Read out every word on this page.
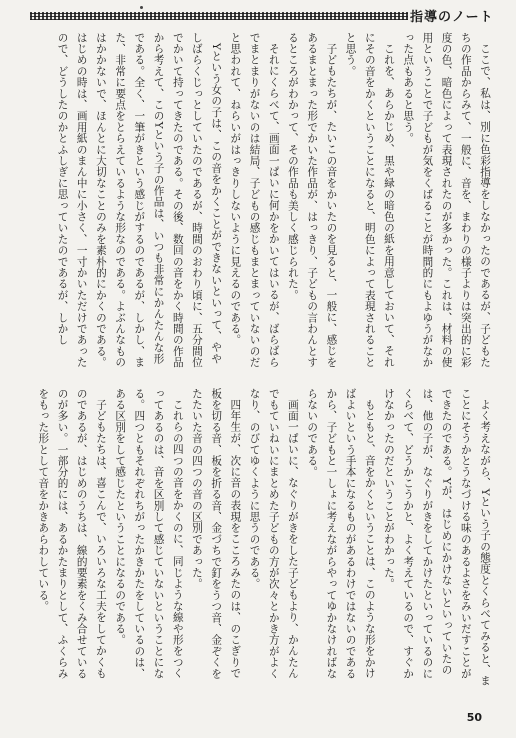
指導のノート

ここで、私は、別に色彩指導をしなかったのであるが、子どもたちの作品からみて、一般に、音を、まわりの様子よりは突出的に彩度の色、暗色によって表現されたのが多かった。これは、材料の使用ということで子どもが気をくばることが時間的にもよゆうがなかった点もあると思う。

これを、あらかじめ、黒や緑の暗色の紙を用意しておいて、それにその音をかくということになると、明色によって表現されることと思う。

子どもたちが、たいこの音をかいたのを見ると、一般に、感じをあるまとまった形でかいた作品が、はっきり、子どもの言わんとするところがわかって、その作品も美しく感じられた。

それにくらべて、画面一ぱいに何かをかいてはいるが、ばらばらでまとまりがないのは結局、子どもの感じもまとまっていないのだと思われて、ねらいがはっきりしないように見えるのである。

Yという女の子は、この音をかくことができないといって、ややしばらくじっとしていたのであるが、時間のおわり頃に、五分間位でかいて持ってきたのである。その後、数回の音をかく時間の作品から考えて、このYという子の作品は、いつも非常にかんたんな形である。全く、一筆がきという感じがするのであるが、しかし、また、非常に要点をとらえているような形なのである。よぶんなものはかかないで、ほんとに大切なことのみを素朴的にかくのである。はじめの時は、画用紙のまん中に小さく、一寸かいただけであったので、どうしたのかとふしぎに思っていたのであるが、しかし

よく考えながら、Yという子の態度とくらべてみると、まことにそうかとうなづける味のあるよさをみいだすことができたのである。Yが、はじめにかけないといっていたのは、他の子が、なぐりがきをしてかけたといっているのにくらべて、どうかこうかと、よく考えているので、すぐかけなかったのだということがわかった。

もともと、音をかくということは、このような形をかけばよいという手本になるものがあるわけではないのであるから、子どもと一しょに考えながらやってゆかなければならないのである。

画面一ぱいに、なぐりがきをした子どもより、かんたんでもていねいにまとめた子どもの方が次々とかき方がよくなり、のびてゆくように思うのである。

四年生が、次に音の表現をこころみたのは、のこぎりで板を切る音、板を折る音、金づちで釘をうつ音、金ぞくをたたいた音の四つの音の区別であった。

これらの四つの音をかくのに、同じような線や形をつくってあるのは、音を区別して感じていないということになる。四つともそれぞれちがったかきかたをしているのは、ある区別をして感じたということになるのである。

子どもたちは、喜こんで、いろいろな工夫をしてかくものであるが、はじめのうちは、線的要素をくみ合せているのが多い。一部分的には、あるかたまりとして、ふくらみをもった形として音をかきあらわしている。

50
